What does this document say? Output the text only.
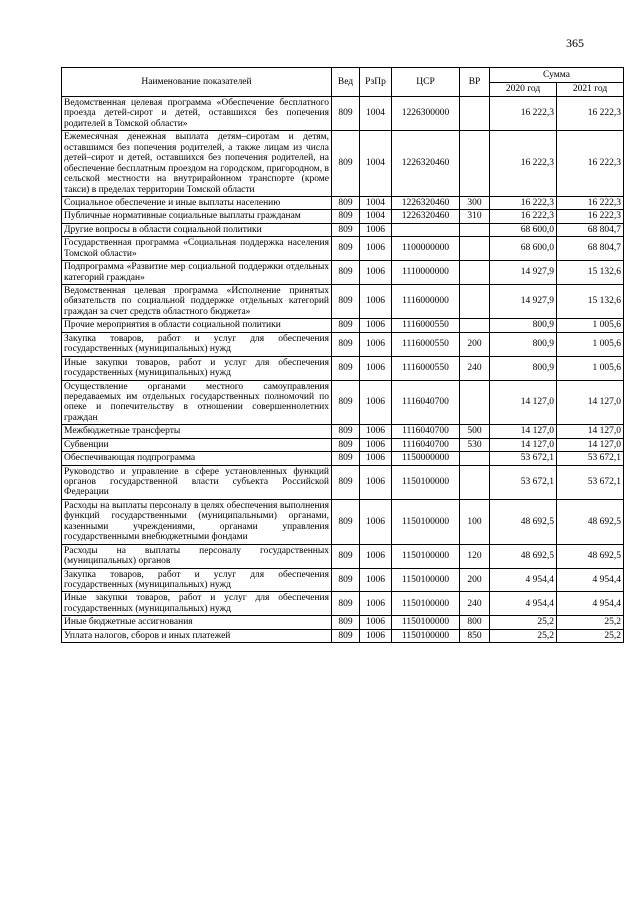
365
Наименование показателей	Вед	РзПр	ЦСР	ВР	Сумма	
					2020 год	2021 год
Ведомственная целевая программа «Обеспечение бесплатного проезда детей-сирот и детей, оставшихся без попечения родителей в Томской области»	809	1004	1226300000		16 222,3	16 222,3
Ежемесячная денежная выплата детям–сиротам и детям, оставшимся без попечения родителей, а также лицам из числа детей–сирот и детей, оставшихся без попечения родителей, на обеспечение бесплатным проездом на городском, пригородном, в сельской местности на внутрирайонном транспорте (кроме такси) в пределах территории Томской области	809	1004	1226320460		16 222,3	16 222,3
Социальное обеспечение и иные выплаты населению	809	1004	1226320460	300	16 222,3	16 222,3
Публичные нормативные социальные выплаты гражданам	809	1004	1226320460	310	16 222,3	16 222,3
Другие вопросы в области социальной политики	809	1006			68 600,0	68 804,7
Государственная программа «Социальная поддержка населения Томской области»	809	1006	1100000000		68 600,0	68 804,7
Подпрограмма «Развитие мер социальной поддержки отдельных категорий граждан»	809	1006	1110000000		14 927,9	15 132,6
Ведомственная целевая программа «Исполнение принятых обязательств по социальной поддержке отдельных категорий граждан за счет средств областного бюджета»	809	1006	1116000000		14 927,9	15 132,6
Прочие мероприятия в области социальной политики	809	1006	1116000550		800,9	1 005,6
Закупка товаров, работ и услуг для обеспечения государственных (муниципальных) нужд	809	1006	1116000550	200	800,9	1 005,6
Иные закупки товаров, работ и услуг для обеспечения государственных (муниципальных) нужд	809	1006	1116000550	240	800,9	1 005,6
Осуществление органами местного самоуправления передаваемых им отдельных государственных полномочий по опеке и попечительству в отношении совершеннолетних граждан	809	1006	1116040700		14 127,0	14 127,0
Межбюджетные трансферты	809	1006	1116040700	500	14 127,0	14 127,0
Субвенции	809	1006	1116040700	530	14 127,0	14 127,0
Обеспечивающая подпрограмма	809	1006	1150000000		53 672,1	53 672,1
Руководство и управление в сфере установленных функций органов государственной власти субъекта Российской Федерации	809	1006	1150100000		53 672,1	53 672,1
Расходы на выплаты персоналу в целях обеспечения выполнения функций государственными (муниципальными) органами, казенными учреждениями, органами управления государственными внебюджетными фондами	809	1006	1150100000	100	48 692,5	48 692,5
Расходы на выплаты персоналу государственных (муниципальных) органов	809	1006	1150100000	120	48 692,5	48 692,5
Закупка товаров, работ и услуг для обеспечения государственных (муниципальных) нужд	809	1006	1150100000	200	4 954,4	4 954,4
Иные закупки товаров, работ и услуг для обеспечения государственных (муниципальных) нужд	809	1006	1150100000	240	4 954,4	4 954,4
Иные бюджетные ассигнования	809	1006	1150100000	800	25,2	25,2
Уплата налогов, сборов и иных платежей	809	1006	1150100000	850	25,2	25,2
